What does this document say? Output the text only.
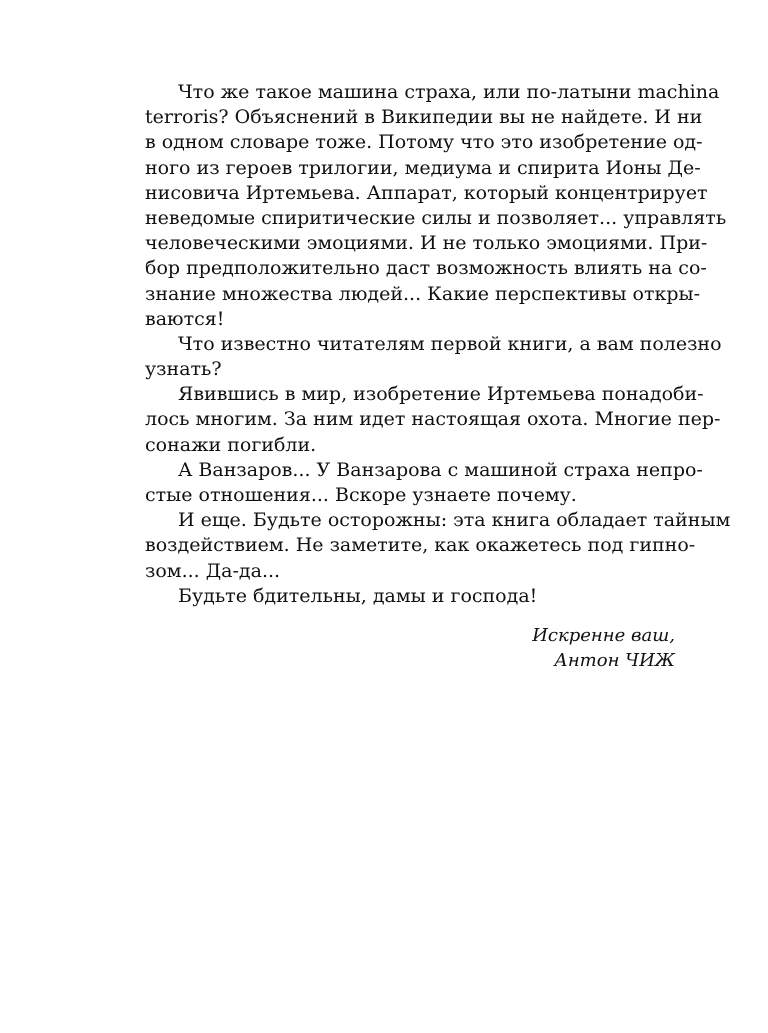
Что же такое машина страха, или по-латыни machina
terroris? Объяснений в Википедии вы не найдете. И ни
в одном словаре тоже. Потому что это изобретение од-
ного из героев трилогии, медиума и спирита Ионы Де-
нисовича Иртемьева. Аппарат, который концентрирует
неведомые спиритические силы и позволяет... управлять
человеческими эмоциями. И не только эмоциями. При-
бор предположительно даст возможность влиять на со-
знание множества людей... Какие перспективы откры-
ваются!
Что известно читателям первой книги, а вам полезно
узнать?
Явившись в мир, изобретение Иртемьева понадоби-
лось многим. За ним идет настоящая охота. Многие пер-
сонажи погибли.
А Ванзаров... У Ванзарова с машиной страха непро-
стые отношения... Вскоре узнаете почему.
И еще. Будьте осторожны: эта книга обладает тайным
воздействием. Не заметите, как окажетесь под гипно-
зом... Да-да...
Будьте бдительны, дамы и господа!
Искренне ваш,
Антон ЧИЖ
